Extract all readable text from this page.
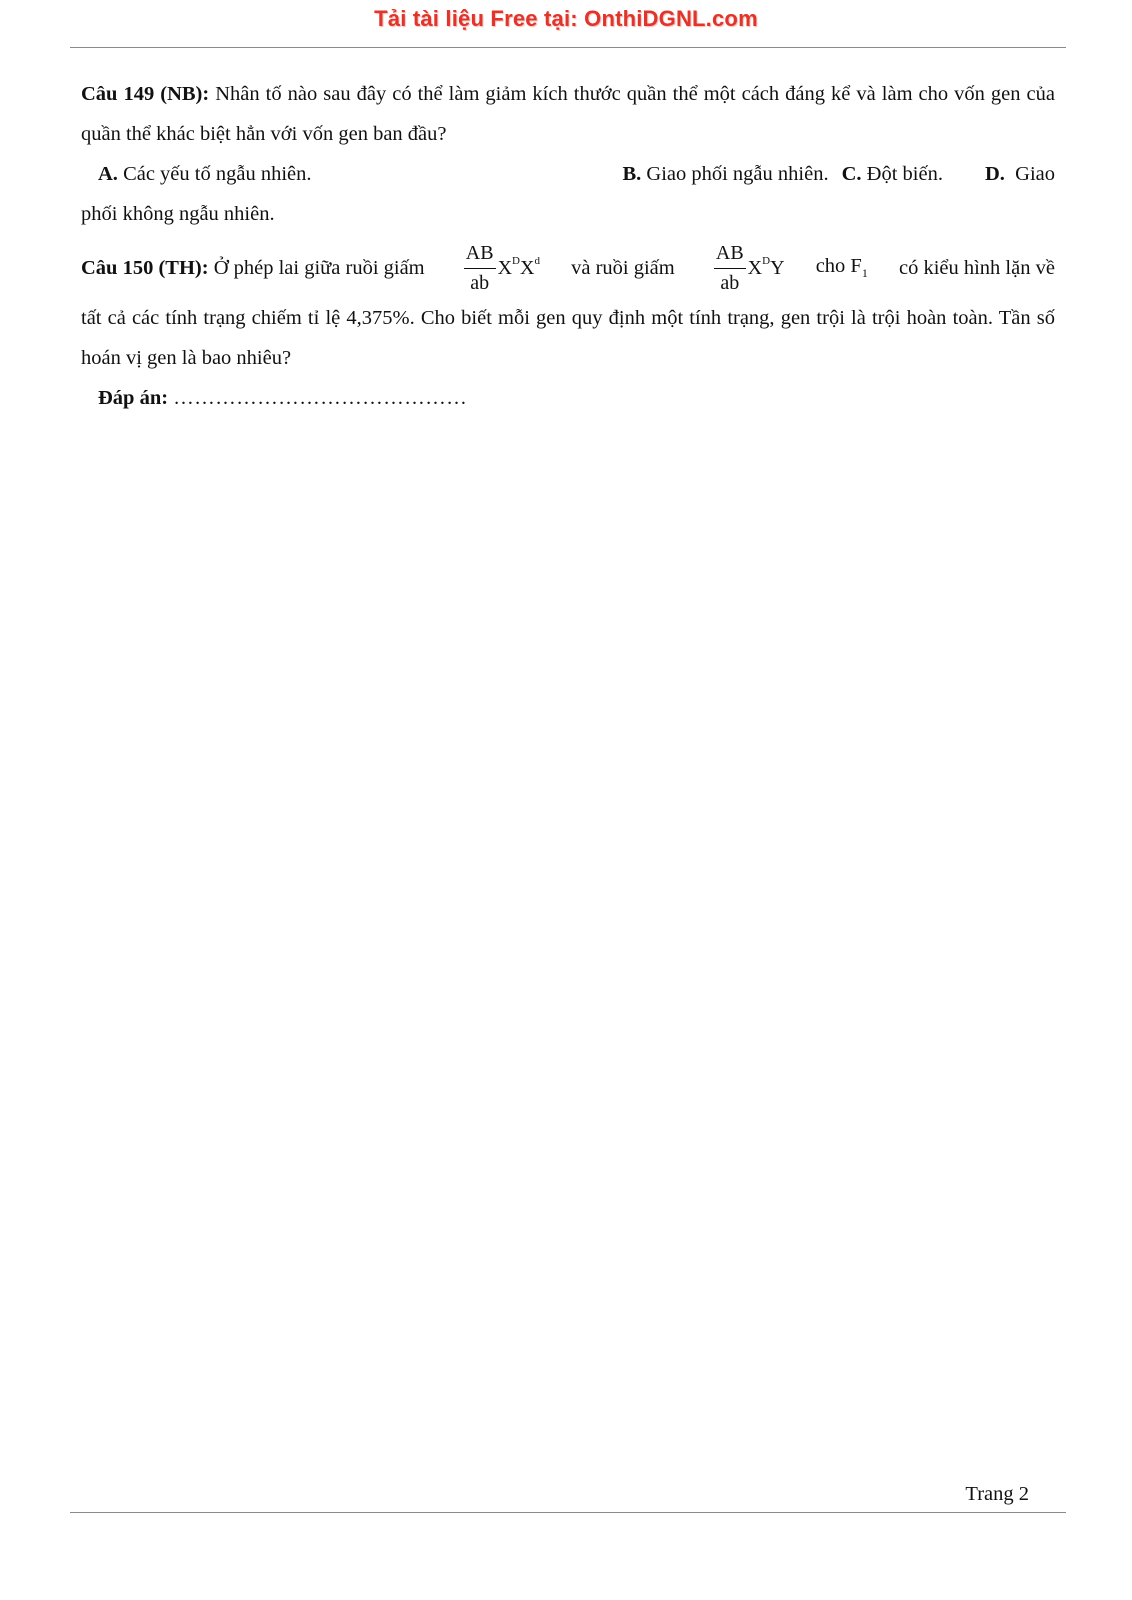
Tải tài liệu Free tại: OnthiDGNL.com

Câu 149 (NB): Nhân tố nào sau đây có thể làm giảm kích thước quần thể một cách đáng kể và làm cho vốn gen của quần thể khác biệt hẳn với vốn gen ban đầu?

A. Các yếu tố ngẫu nhiên.	B. Giao phối ngẫu nhiên. C. Đột biến. D. Giao

phối không ngẫu nhiên.

Câu 150 (TH): Ở phép lai giữa ruồi giấm $\frac{AB}{ab} X^DX^d$ và ruồi giấm $\frac{AB}{ab} X^DY$ cho $F_1$ có kiểu hình lặn về

tất cả các tính trạng chiếm tỉ lệ 4,375%. Cho biết mỗi gen quy định một tính trạng, gen trội là trội hoàn toàn. Tần số hoán vị gen là bao nhiêu?

Đáp án: ……………………………………
Trang 2
